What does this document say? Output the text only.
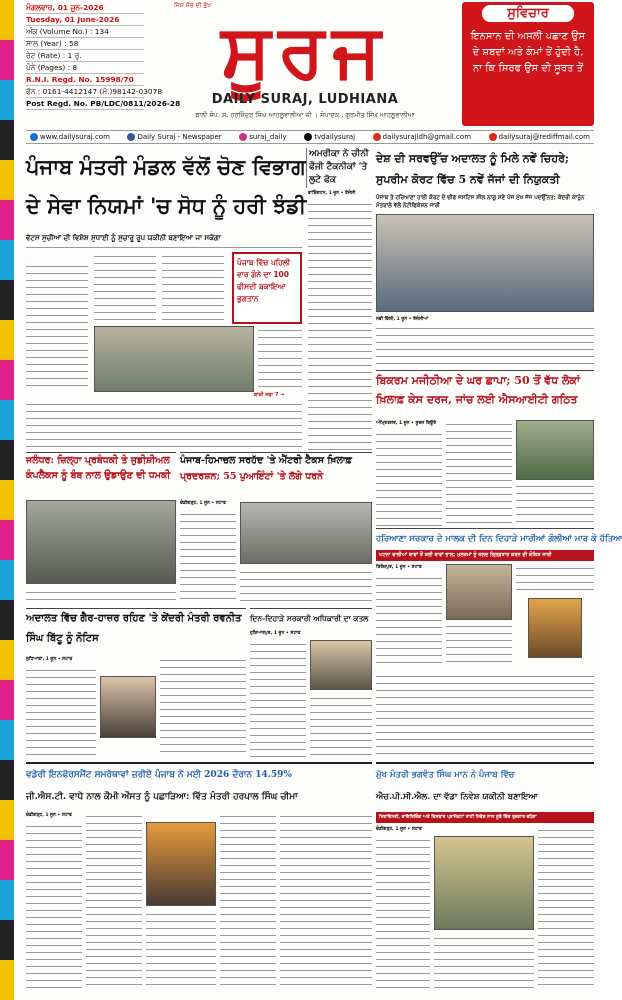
ਮੰਗਲਵਾਰ, 01 ਜੂਨ-2026
Tuesday, 01 June-2026
ਅੰਕ (Volume No.) : 134
ਸਾਲ (Year) : 58
ਰੇਟ (Rate) : 1 ਰੁ.
ਪੰਨੇ (Pages) : 8
R.N.I. Regd. No. 15998/70
ਫੋਨ : 0161-4412147 (ਮੋ.)98142-03078
Post Regd. No. PB/LDC/0811/2026-28
ਜਿਸ ਸੱਚ ਦੀ ਭੁੱਖ
ਸੂਰਜ
DAILY SURAJ, LUDHIANA
ਬਾਨੀ ਸੰਪ. ਸ. ਹਰਜਿੰਦਰ ਸਿੰਘ ਆਹਲੂਵਾਲੀਆ ਜੀ । ਸੰਪਾਦਕ : ਗੁਰਮੀਤ ਸਿੰਘ ਆਹਲੂਵਾਲੀਆ
ਸੁਵਿਚਾਰ
ਇਨਸਾਨ ਦੀ ਅਸਲੀ ਪਛਾਣ ਉਸ ਦੇ ਸ਼ਬਦਾਂ ਅਤੇ ਕੰਮਾਂ ਤੋਂ ਹੁੰਦੀ ਹੈ, ਨਾ ਕਿ ਸਿਰਫ ਉਸ ਦੀ ਸੂਰਤ ਤੋਂ
www.dailysuraj.com	Daily Suraj - Newspaper	suraj_daily	tvdailysuraj	dailysurajldh@gmail.com	dailysuraj@rediffmail.com
ਪੰਜਾਬ ਮੰਤਰੀ ਮੰਡਲ ਵੱਲੋਂ ਚੋਣ ਵਿਭਾਗ
ਦੇ ਸੇਵਾ ਨਿਯਮਾਂ 'ਚ ਸੋਧ ਨੂੰ ਹਰੀ ਝੰਡੀ
ਵੱਟਸ ਸੁਚੀਆਂ ਦੀ ਵਿਸ਼ੇਸ਼ ਸੁਧਾਈ ਨੂੰ ਸੁਚਾਰੂ ਰੂਪ ਯਕੀਨੀ ਬਣਾਇਆ ਜਾ ਸਕੇਗਾ
ਪੰਜਾਬ ਵਿੱਚ ਪਹਿਲੀ ਵਾਰ ਗੰਨੇ ਦਾ 100 ਫੀਸਦੀ ਬਕਾਇਆ ਭੁਗਤਾਨ
ਬਾਕੀ ਸਫਾ 7 ➜
ਅਮਰੀਕਾ ਨੇ ਚੀਨੀ ਫੌਜੀ ਟੈਕਨੀਕਾਂ 'ਤੇ ਲੁਟੇ ਫੋਕ
ਵਾਸ਼ਿੰਗਟਨ, 1 ਜੂਨ • ਏਜੰਸੀ
ਦੇਸ਼ ਦੀ ਸਰਵਉੱਚ ਅਦਾਲਤ ਨੂੰ ਮਿਲੇ ਨਵੇਂ ਚਿਹਰੇ;
ਸੁਪਰੀਮ ਕੋਰਟ ਵਿੱਚ 5 ਨਵੇਂ ਜੱਜਾਂ ਦੀ ਨਿਯੁਕਤੀ
ਪੰਜਾਬ ਤੇ ਹਰਿਆਣਾ ਹਾਈ ਕੋਰਟ ਦੇ ਚੀਫ ਜਸਟਿਸ ਸ਼ੀਲ ਨਾਗੂ ਸਣੇ ਪੰਜ ਮੁੱਖ ਜੱਜ ਪਦਉੱਨਤ; ਕੇਂਦਰੀ ਕਾਨੂੰਨ ਮੰਤਰਾਲੇ ਵੱਲੋਂ ਨੋਟੀਫਿਕੇਸ਼ਨ ਜਾਰੀ
ਨਵੀਂ ਦਿੱਲੀ, 1 ਜੂਨ • ਏਜੰਸੀਆਂ
ਬਿਕਰਮ ਮਜੀਠੀਆ ਦੇ ਘਰ ਛਾਪਾ; 50 ਤੋਂ ਵੱਧ ਲੋਕਾਂ ਖ਼ਿਲਾਫ਼ ਕੇਸ ਦਰਜ, ਜਾਂਚ ਲਈ ਐਸਆਈਟੀ ਗਠਿਤ
ਅੰਮ੍ਰਿਤਸਰ, 1 ਜੂਨ • ਸੂਰਜ ਬਿਊਰੋ
ਜਲੰਧਰ: ਜ਼ਿਲ੍ਹਾ ਪ੍ਰਬੰਧਕੀ ਤੇ ਜੁਡੀਸ਼ੀਅਲ ਕੰਪਲੈਕਸ ਨੂੰ ਬੰਬ ਨਾਲ ਉਡਾਉਣ ਦੀ ਧਮਕੀ
ਪੰਜਾਬ-ਹਿਮਾਚਲ ਸਰਹੱਦ 'ਤੇ ਐਂਟਰੀ ਟੈਕਸ ਖ਼ਿਲਾਫ਼
ਪ੍ਰਦਰਸ਼ਨ; 55 ਪੁਆਇੰਟਾਂ 'ਤੇ ਲੱਗੇ ਧਰਨੇ
ਚੰਡੀਗੜ੍ਹ, 1 ਜੂਨ • ਸਟਾਫ
ਹਰਿਆਣਾ ਸਰਕਾਰ ਦੇ ਮਾਲਕ ਦੀ ਦਿਨ ਦਿਹਾੜੇ ਮਾਰੀਆਂ ਗੋਲੀਆਂ ਮਾਰ ਕੇ ਹੱਤਿਆ
ਘਟਨਾ ਵਾਲੀਆਂ ਥਾਵਾਂ ਤੋਂ ਕਈ ਥਾਵਾਂ ਭਾਲ; ਮੁਲਜ਼ਮਾਂ ਨੂੰ ਜਲਦ ਗ੍ਰਿਫ਼ਤਾਰ ਕਰਨ ਦੀ ਕੋਸ਼ਿਸ਼ ਜਾਰੀ
ਫਿਰੋਜ਼ਪੁਰ, 1 ਜੂਨ • ਸਟਾਫ
ਅਦਾਲਤ ਵਿੱਚ ਗੈਰ-ਹਾਜ਼ਰ ਰਹਿਣ 'ਤੇ ਕੇਂਦਰੀ ਮੰਤਰੀ ਰਵਨੀਤ ਸਿੰਘ ਬਿੱਟੂ ਨੂੰ ਨੋਟਿਸ
ਲੁਧਿਆਣਾ, 1 ਜੂਨ • ਸਟਾਫ
ਦਿਨ-ਦਿਹਾੜੇ ਸਰਕਾਰੀ ਅਧਿਕਾਰੀ ਦਾ ਕਤਲ
ਹੁਸ਼ਿਆਰਪੁਰ, 1 ਜੂਨ • ਸਟਾਫ
ਵਡੇਰੀ ਇਨਫੋਰਸਮੈਂਟ ਸਮਰੱਥਾਵਾਂ ਜ਼ਰੀਏ ਪੰਜਾਬ ਨੇ ਮਈ 2026 ਦੌਰਾਨ 14.59%
ਜੀ.ਐਸ.ਟੀ. ਵਾਧੇ ਨਾਲ ਕੌਮੀ ਔਸਤ ਨੂੰ ਪਛਾੜਿਆ: ਵਿੱਤ ਮੰਤਰੀ ਹਰਪਾਲ ਸਿੰਘ ਚੀਮਾ
ਚੰਡੀਗੜ੍ਹ, 1 ਜੂਨ • ਸਟਾਫ
ਮੁੱਖ ਮੰਤਰੀ ਭਗਵੰਤ ਸਿੰਘ ਮਾਨ ਨੇ ਪੰਜਾਬ ਵਿੱਚ
ਐਚ.ਪੀ.ਸੀ.ਐਲ. ਦਾ ਵੱਡਾ ਨਿਵੇਸ਼ ਯਕੀਨੀ ਬਣਾਇਆ
ਰਿਫਾਇਨਰੀ, ਵਾਇਰਿਜ਼ਿੰਗ ਅਤੇ ਵਿਸਥਾਰ ਪ੍ਰਾਜੈਕਟਾਂ ਰਾਹੀਂ ਨਿਵੇਸ਼ ਨਾਲ ਸੂਬੇ ਵਿੱਚ ਰੁਜ਼ਗਾਰ ਵਧੇਗਾ
ਚੰਡੀਗੜ੍ਹ, 1 ਜੂਨ • ਸਟਾਫ
